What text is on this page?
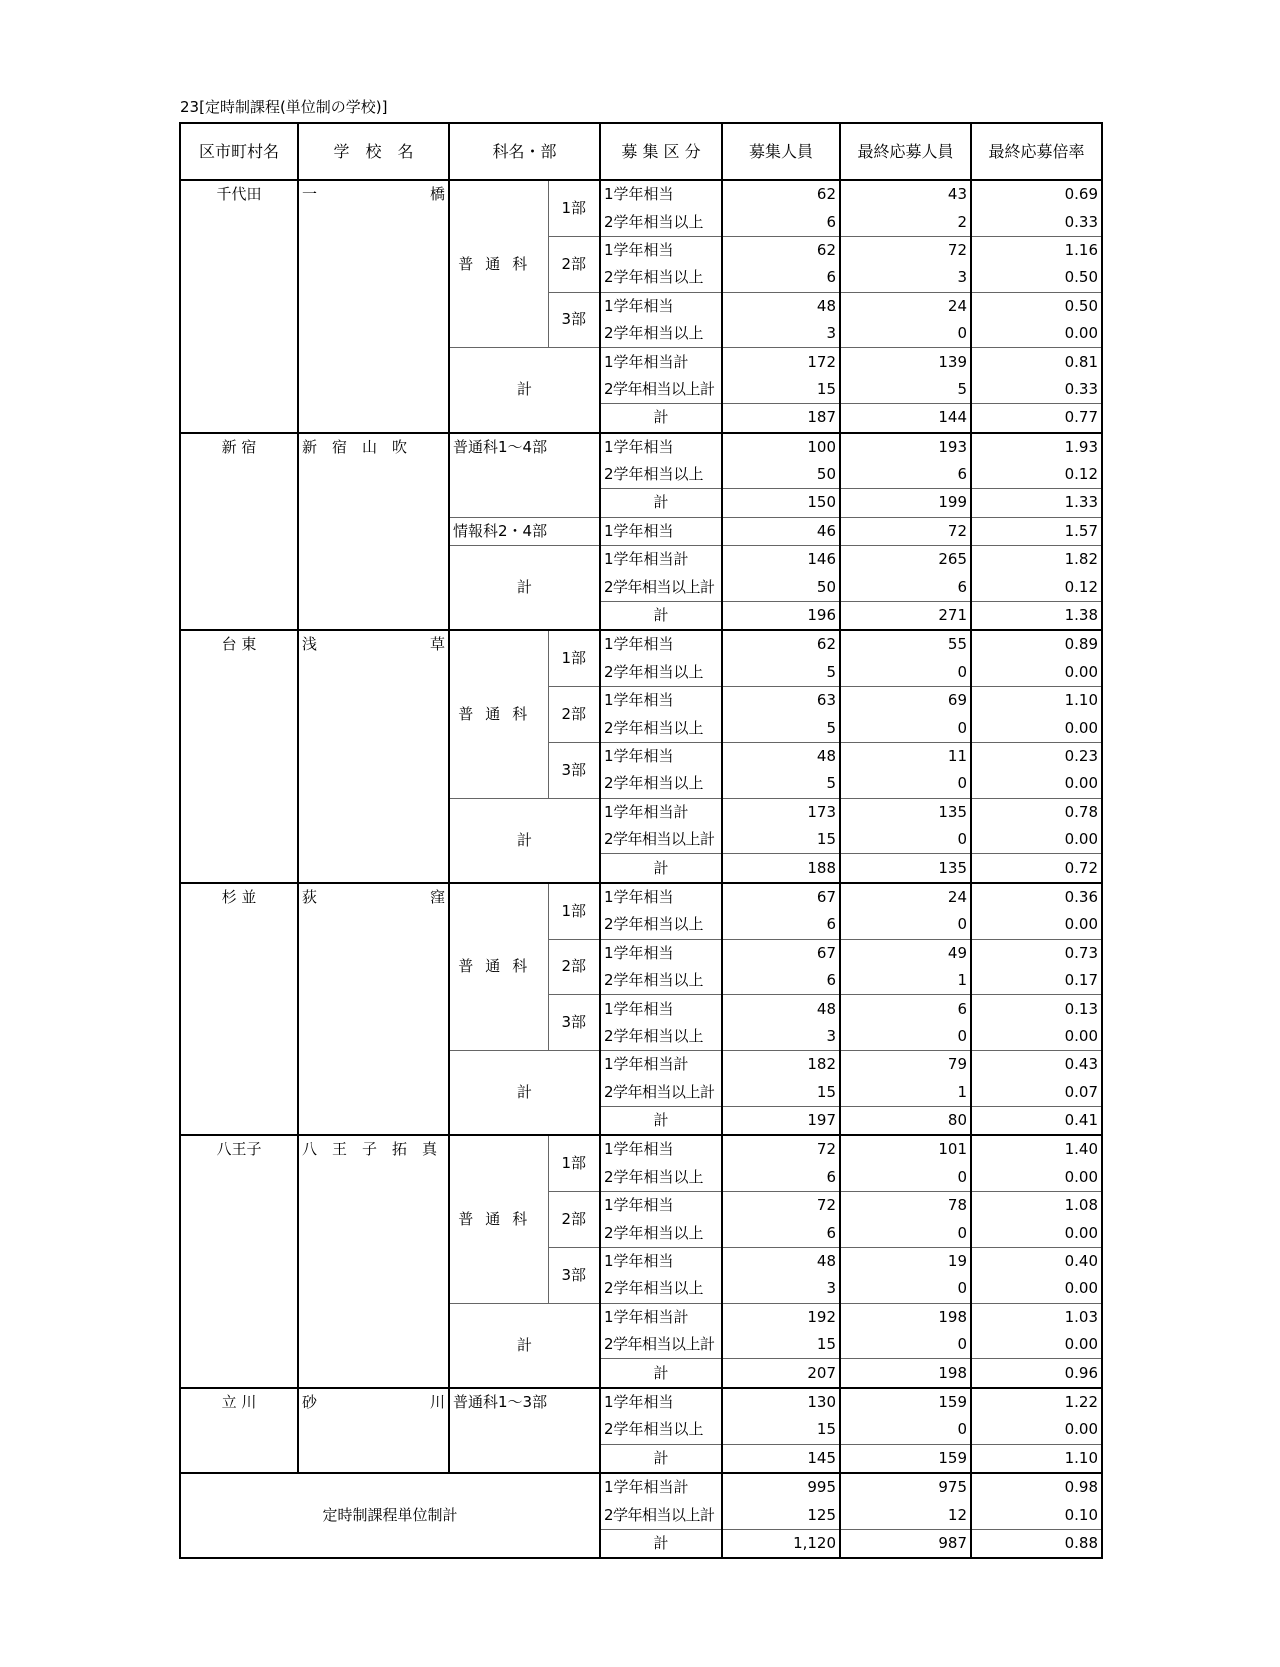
23[定時制課程(単位制の学校)]
区市町村名	学　校　名	科名・部		募 集 区 分	募集人員	最終応募人員	最終応募倍率
千代田	一 橋	普通科	1部	1学年相当	62	43	0.69
				2学年相当以上	6	2	0.33
			2部	1学年相当	62	72	1.16
				2学年相当以上	6	3	0.50
			3部	1学年相当	48	24	0.50
				2学年相当以上	3	0	0.00
		計		1学年相当計	172	139	0.81
				2学年相当以上計	15	5	0.33
				計	187	144	0.77
新 宿	新　宿　山　吹	普通科1～4部		1学年相当	100	193	1.93
				2学年相当以上	50	6	0.12
				計	150	199	1.33
		情報科2・4部		1学年相当	46	72	1.57
		計		1学年相当計	146	265	1.82
				2学年相当以上計	50	6	0.12
				計	196	271	1.38
台 東	浅 草	普通科	1部	1学年相当	62	55	0.89
				2学年相当以上	5	0	0.00
			2部	1学年相当	63	69	1.10
				2学年相当以上	5	0	0.00
			3部	1学年相当	48	11	0.23
				2学年相当以上	5	0	0.00
		計		1学年相当計	173	135	0.78
				2学年相当以上計	15	0	0.00
				計	188	135	0.72
杉 並	荻 窪	普通科	1部	1学年相当	67	24	0.36
				2学年相当以上	6	0	0.00
			2部	1学年相当	67	49	0.73
				2学年相当以上	6	1	0.17
			3部	1学年相当	48	6	0.13
				2学年相当以上	3	0	0.00
		計		1学年相当計	182	79	0.43
				2学年相当以上計	15	1	0.07
				計	197	80	0.41
八王子	八　王　子　拓　真	普通科	1部	1学年相当	72	101	1.40
				2学年相当以上	6	0	0.00
			2部	1学年相当	72	78	1.08
				2学年相当以上	6	0	0.00
			3部	1学年相当	48	19	0.40
				2学年相当以上	3	0	0.00
		計		1学年相当計	192	198	1.03
				2学年相当以上計	15	0	0.00
				計	207	198	0.96
立 川	砂 川	普通科1～3部		1学年相当	130	159	1.22
				2学年相当以上	15	0	0.00
				計	145	159	1.10
定時制課程単位制計				1学年相当計	995	975	0.98
				2学年相当以上計	125	12	0.10
				計	1,120	987	0.88
